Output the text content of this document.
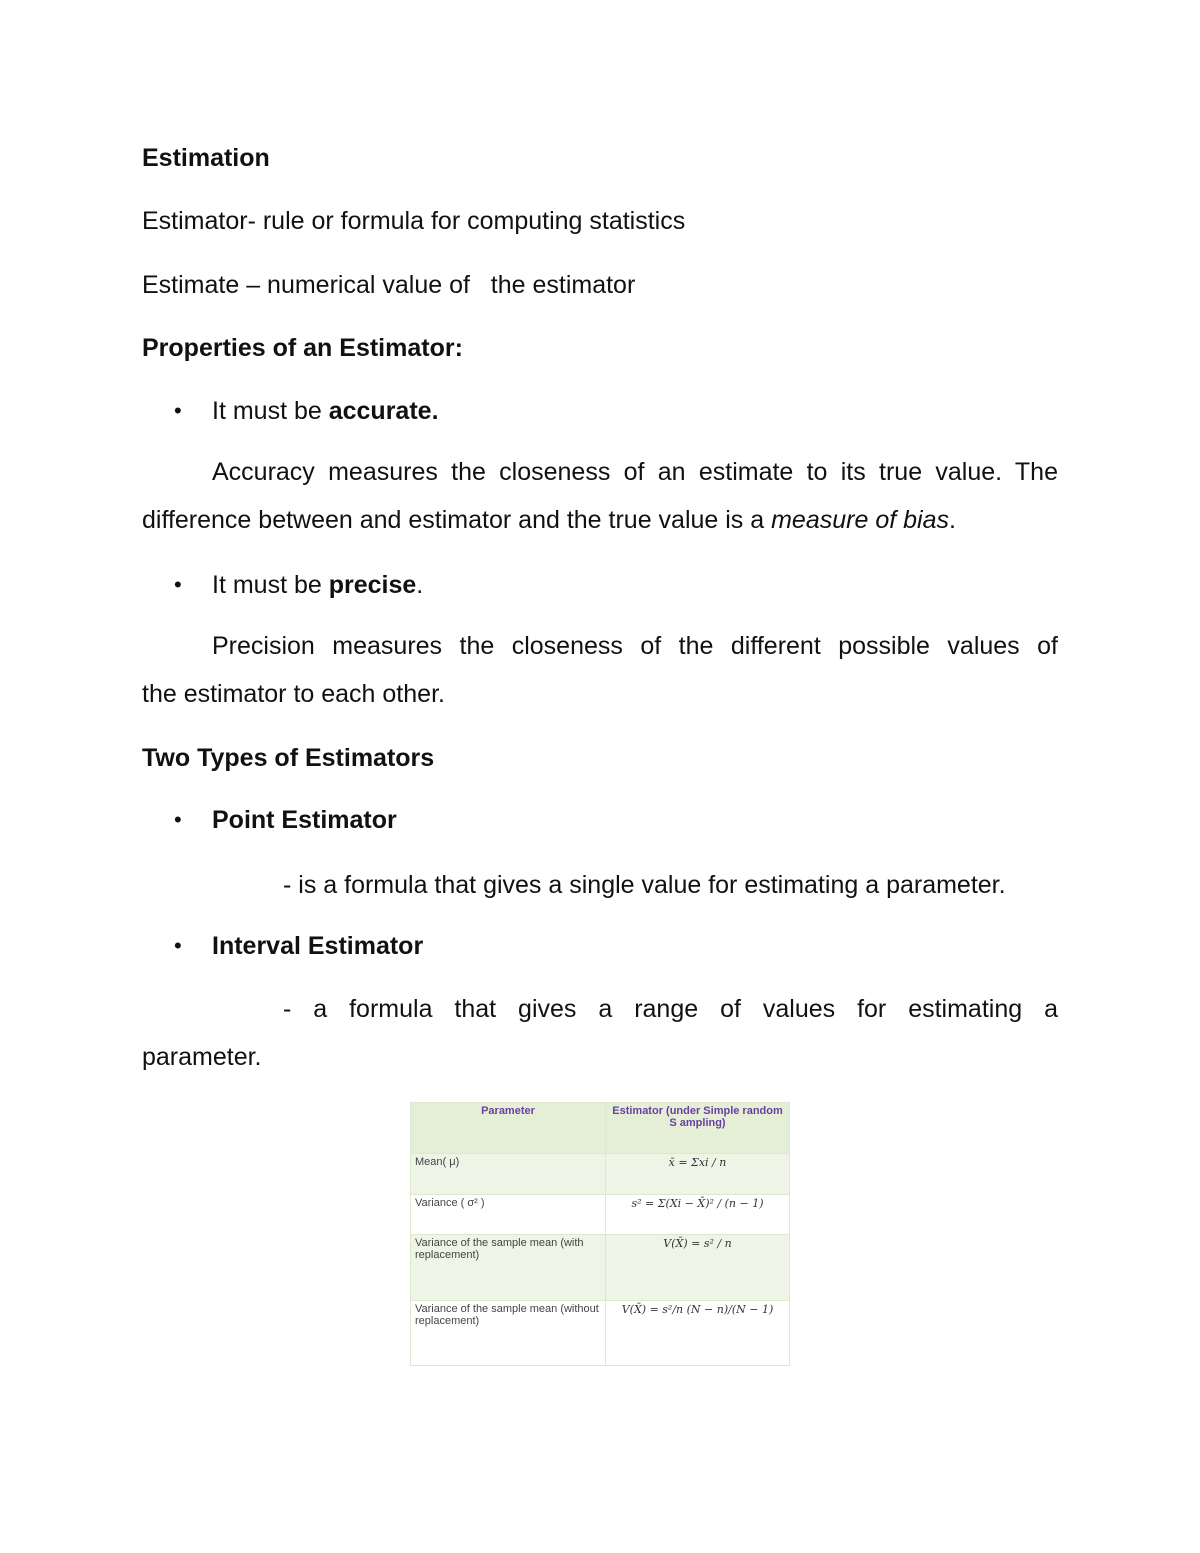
Estimation

Estimator- rule or formula for computing statistics

Estimate – numerical value of   the estimator

Properties of an Estimator:

• It must be accurate.

Accuracy measures the closeness of an estimate to its true value. The
difference between and estimator and the true value is a measure of bias.
• It must be precise.

Precision measures the closeness of the different possible values of
the estimator to each other.

Two Types of Estimators

• Point Estimator

- is a formula that gives a single value for estimating a parameter.

• Interval Estimator

- a formula that gives a range of values for estimating a
parameter.
Parameter	Estimator (under Simple random S ampling)
Mean( μ)	x̄ = Σxi / n
Variance ( σ² )	s² = Σ(Xi − X̄)² / (n − 1)
Variance of the sample mean (with replacement)	V(X̄) = s² / n
Variance of the sample mean (without replacement)	V(X̄) = s²/n (N − n)/(N − 1)
